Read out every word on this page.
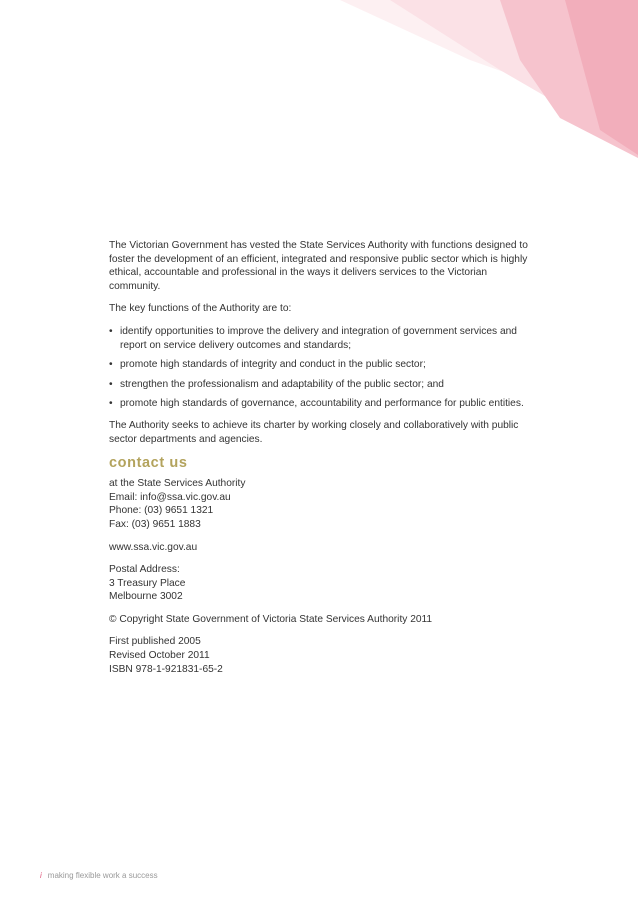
The Victorian Government has vested the State Services Authority with functions designed to foster the development of an efficient, integrated and responsive public sector which is highly ethical, accountable and professional in the ways it delivers services to the Victorian community.

The key functions of the Authority are to:

• identify opportunities to improve the delivery and integration of government services and report on service delivery outcomes and standards;
• promote high standards of integrity and conduct in the public sector;
• strengthen the professionalism and adaptability of the public sector; and
• promote high standards of governance, accountability and performance for public entities.

The Authority seeks to achieve its charter by working closely and collaboratively with public sector departments and agencies.

contact us
at the State Services Authority
Email: info@ssa.vic.gov.au
Phone: (03) 9651 1321
Fax: (03) 9651 1883
www.ssa.vic.gov.au
Postal Address:
3 Treasury Place
Melbourne 3002
© Copyright State Government of Victoria State Services Authority 2011
First published 2005
Revised October 2011
ISBN 978-1-921831-65-2
i making flexible work a success
